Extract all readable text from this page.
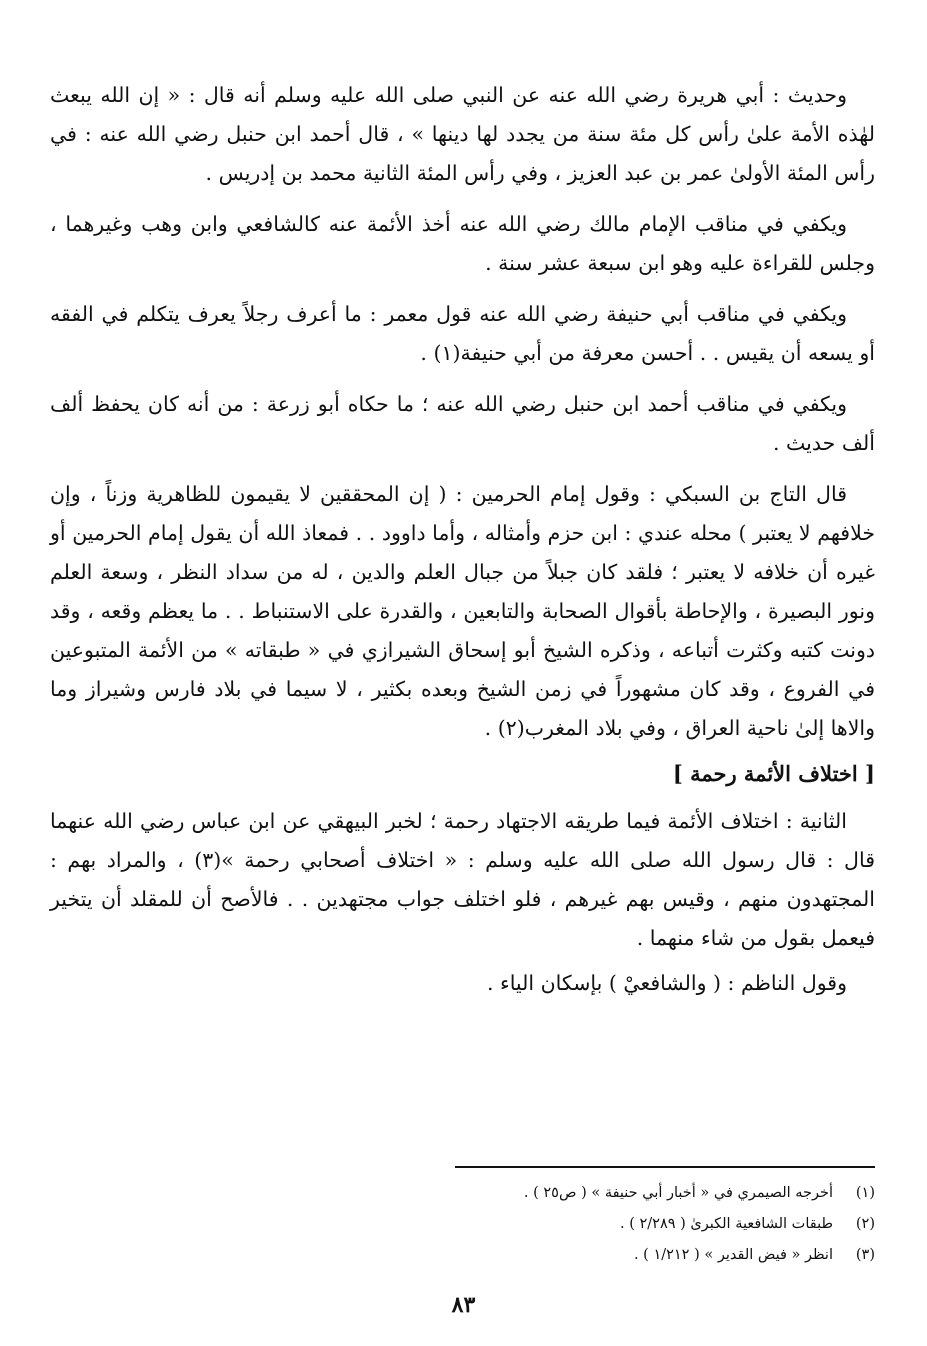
وحديث : أبي هريرة رضي الله عنه عن النبي صلى الله عليه وسلم أنه قال : « إن الله يبعث لهٰذه الأمة علىٰ رأس كل مئة سنة من يجدد لها دينها » ، قال أحمد ابن حنبل رضي الله عنه : في رأس المئة الأولىٰ عمر بن عبد العزيز ، وفي رأس المئة الثانية محمد بن إدريس .

ويكفي في مناقب الإمام مالك رضي الله عنه أخذ الأئمة عنه كالشافعي وابن وهب وغيرهما ، وجلس للقراءة عليه وهو ابن سبعة عشر سنة .

ويكفي في مناقب أبي حنيفة رضي الله عنه قول معمر : ما أعرف رجلاً يعرف يتكلم في الفقه أو يسعه أن يقيس . . أحسن معرفة من أبي حنيفة(١) .

ويكفي في مناقب أحمد ابن حنبل رضي الله عنه ؛ ما حكاه أبو زرعة : من أنه كان يحفظ ألف ألف حديث .

قال التاج بن السبكي : وقول إمام الحرمين : ( إن المحققين لا يقيمون للظاهرية وزناً ، وإن خلافهم لا يعتبر ) محله عندي : ابن حزم وأمثاله ، وأما داوود . . فمعاذ الله أن يقول إمام الحرمين أو غيره أن خلافه لا يعتبر ؛ فلقد كان جبلاً من جبال العلم والدين ، له من سداد النظر ، وسعة العلم ونور البصيرة ، والإحاطة بأقوال الصحابة والتابعين ، والقدرة على الاستنباط . . ما يعظم وقعه ، وقد دونت كتبه وكثرت أتباعه ، وذكره الشيخ أبو إسحاق الشيرازي في « طبقاته » من الأئمة المتبوعين في الفروع ، وقد كان مشهوراً في زمن الشيخ وبعده بكثير ، لا سيما في بلاد فارس وشيراز وما والاها إلىٰ ناحية العراق ، وفي بلاد المغرب(٢) .

[ اختلاف الأئمة رحمة ]

الثانية : اختلاف الأئمة فيما طريقه الاجتهاد رحمة ؛ لخبر البيهقي عن ابن عباس رضي الله عنهما قال : قال رسول الله صلى الله عليه وسلم : « اختلاف أصحابي رحمة »(٣) ، والمراد بهم : المجتهدون منهم ، وقيس بهم غيرهم ، فلو اختلف جواب مجتهدين . . فالأصح أن للمقلد أن يتخير فيعمل بقول من شاء منهما .

وقول الناظم : ( والشافعيْ ) بإسكان الياء .

(١)أخرجه الصيمري في « أخبار أبي حنيفة » ( ص٢٥ ) .
(٢)طبقات الشافعية الكبرىٰ ( ٢/٢٨٩ ) .
(٣)انظر « فيض القدير » ( ١/٢١٢ ) .
٨٣
